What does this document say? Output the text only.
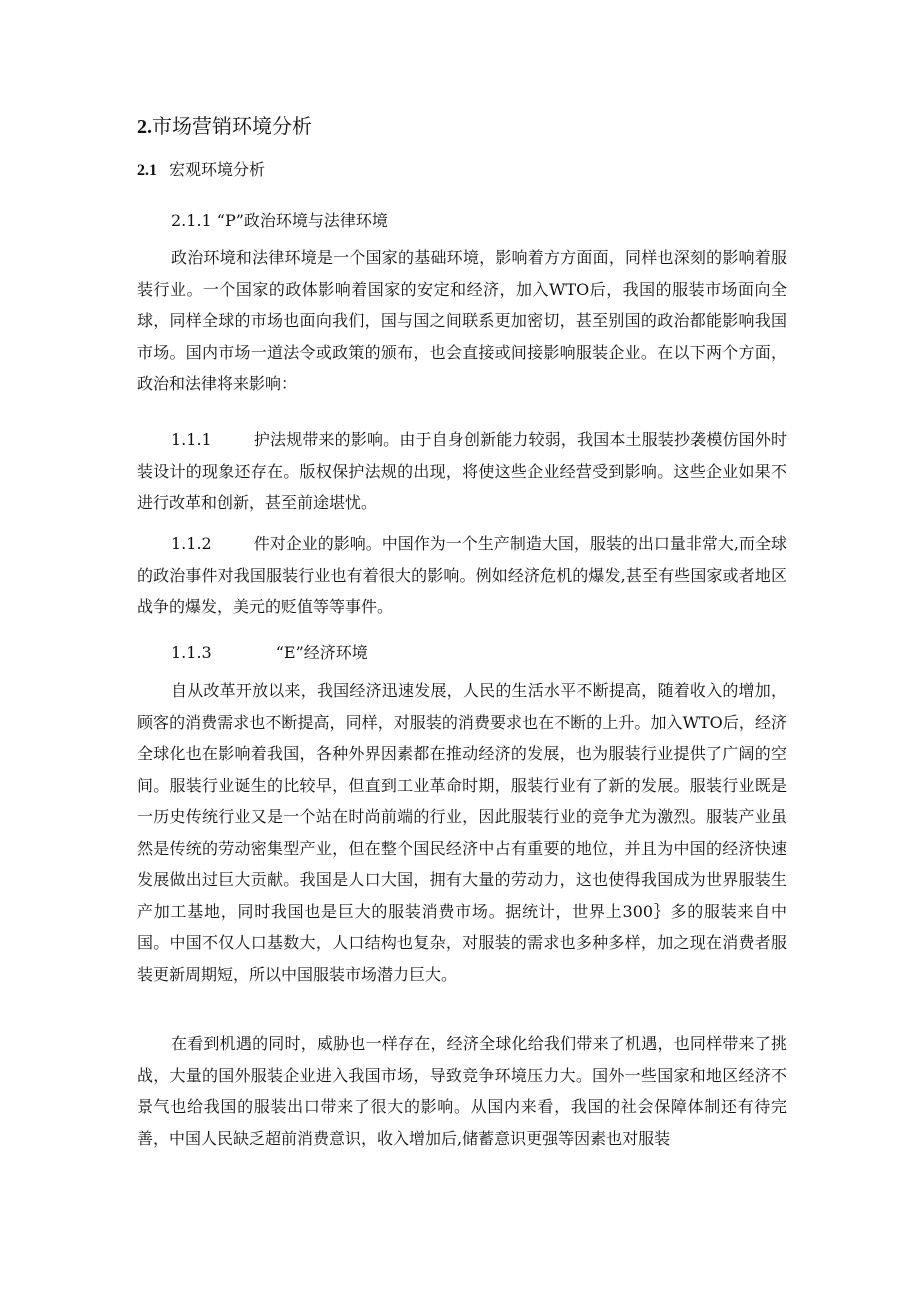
2.市场营销环境分析
2.1 宏观环境分析
2.1.1 “P”政治环境与法律环境

政治环境和法律环境是一个国家的基础环境，影响着方方面面，同样也深刻的影响着服装行业。一个国家的政体影响着国家的安定和经济，加入WTO后，我国的服装市场面向全球，同样全球的市场也面向我们，国与国之间联系更加密切，甚至别国的政治都能影响我国市场。国内市场一道法令或政策的颁布，也会直接或间接影响服装企业。在以下两个方面，政治和法律将来影响：

1.1.1	护法规带来的影响。由于自身创新能力较弱，我国本土服装抄袭模仿国外时装设计的现象还存在。版权保护法规的出现，将使这些企业经营受到影响。这些企业如果不进行改革和创新，甚至前途堪忧。

1.1.2	件对企业的影响。中国作为一个生产制造大国，服装的出口量非常大,而全球的政治事件对我国服装行业也有着很大的影响。例如经济危机的爆发,甚至有些国家或者地区战争的爆发，美元的贬值等等事件。

1.1.3	“E”经济环境

自从改革开放以来，我国经济迅速发展，人民的生活水平不断提高，随着收入的增加，顾客的消费需求也不断提高，同样，对服装的消费要求也在不断的上升。加入WTO后，经济全球化也在影响着我国，各种外界因素都在推动经济的发展，也为服装行业提供了广阔的空间。服装行业诞生的比较早，但直到工业革命时期，服装行业有了新的发展。服装行业既是一历史传统行业又是一个站在时尚前端的行业，因此服装行业的竞争尤为激烈。服装产业虽然是传统的劳动密集型产业，但在整个国民经济中占有重要的地位，并且为中国的经济快速发展做出过巨大贡献。我国是人口大国，拥有大量的劳动力，这也使得我国成为世界服装生产加工基地，同时我国也是巨大的服装消费市场。据统计，世界上300｝多的服装来自中国。中国不仅人口基数大，人口结构也复杂，对服装的需求也多种多样，加之现在消费者服装更新周期短，所以中国服装市场潜力巨大。

在看到机遇的同时，威胁也一样存在，经济全球化给我们带来了机遇，也同样带来了挑战，大量的国外服装企业进入我国市场，导致竞争环境压力大。国外一些国家和地区经济不景气也给我国的服装出口带来了很大的影响。从国内来看，我国的社会保障体制还有待完善，中国人民缺乏超前消费意识，收入增加后,储蓄意识更强等因素也对服装
